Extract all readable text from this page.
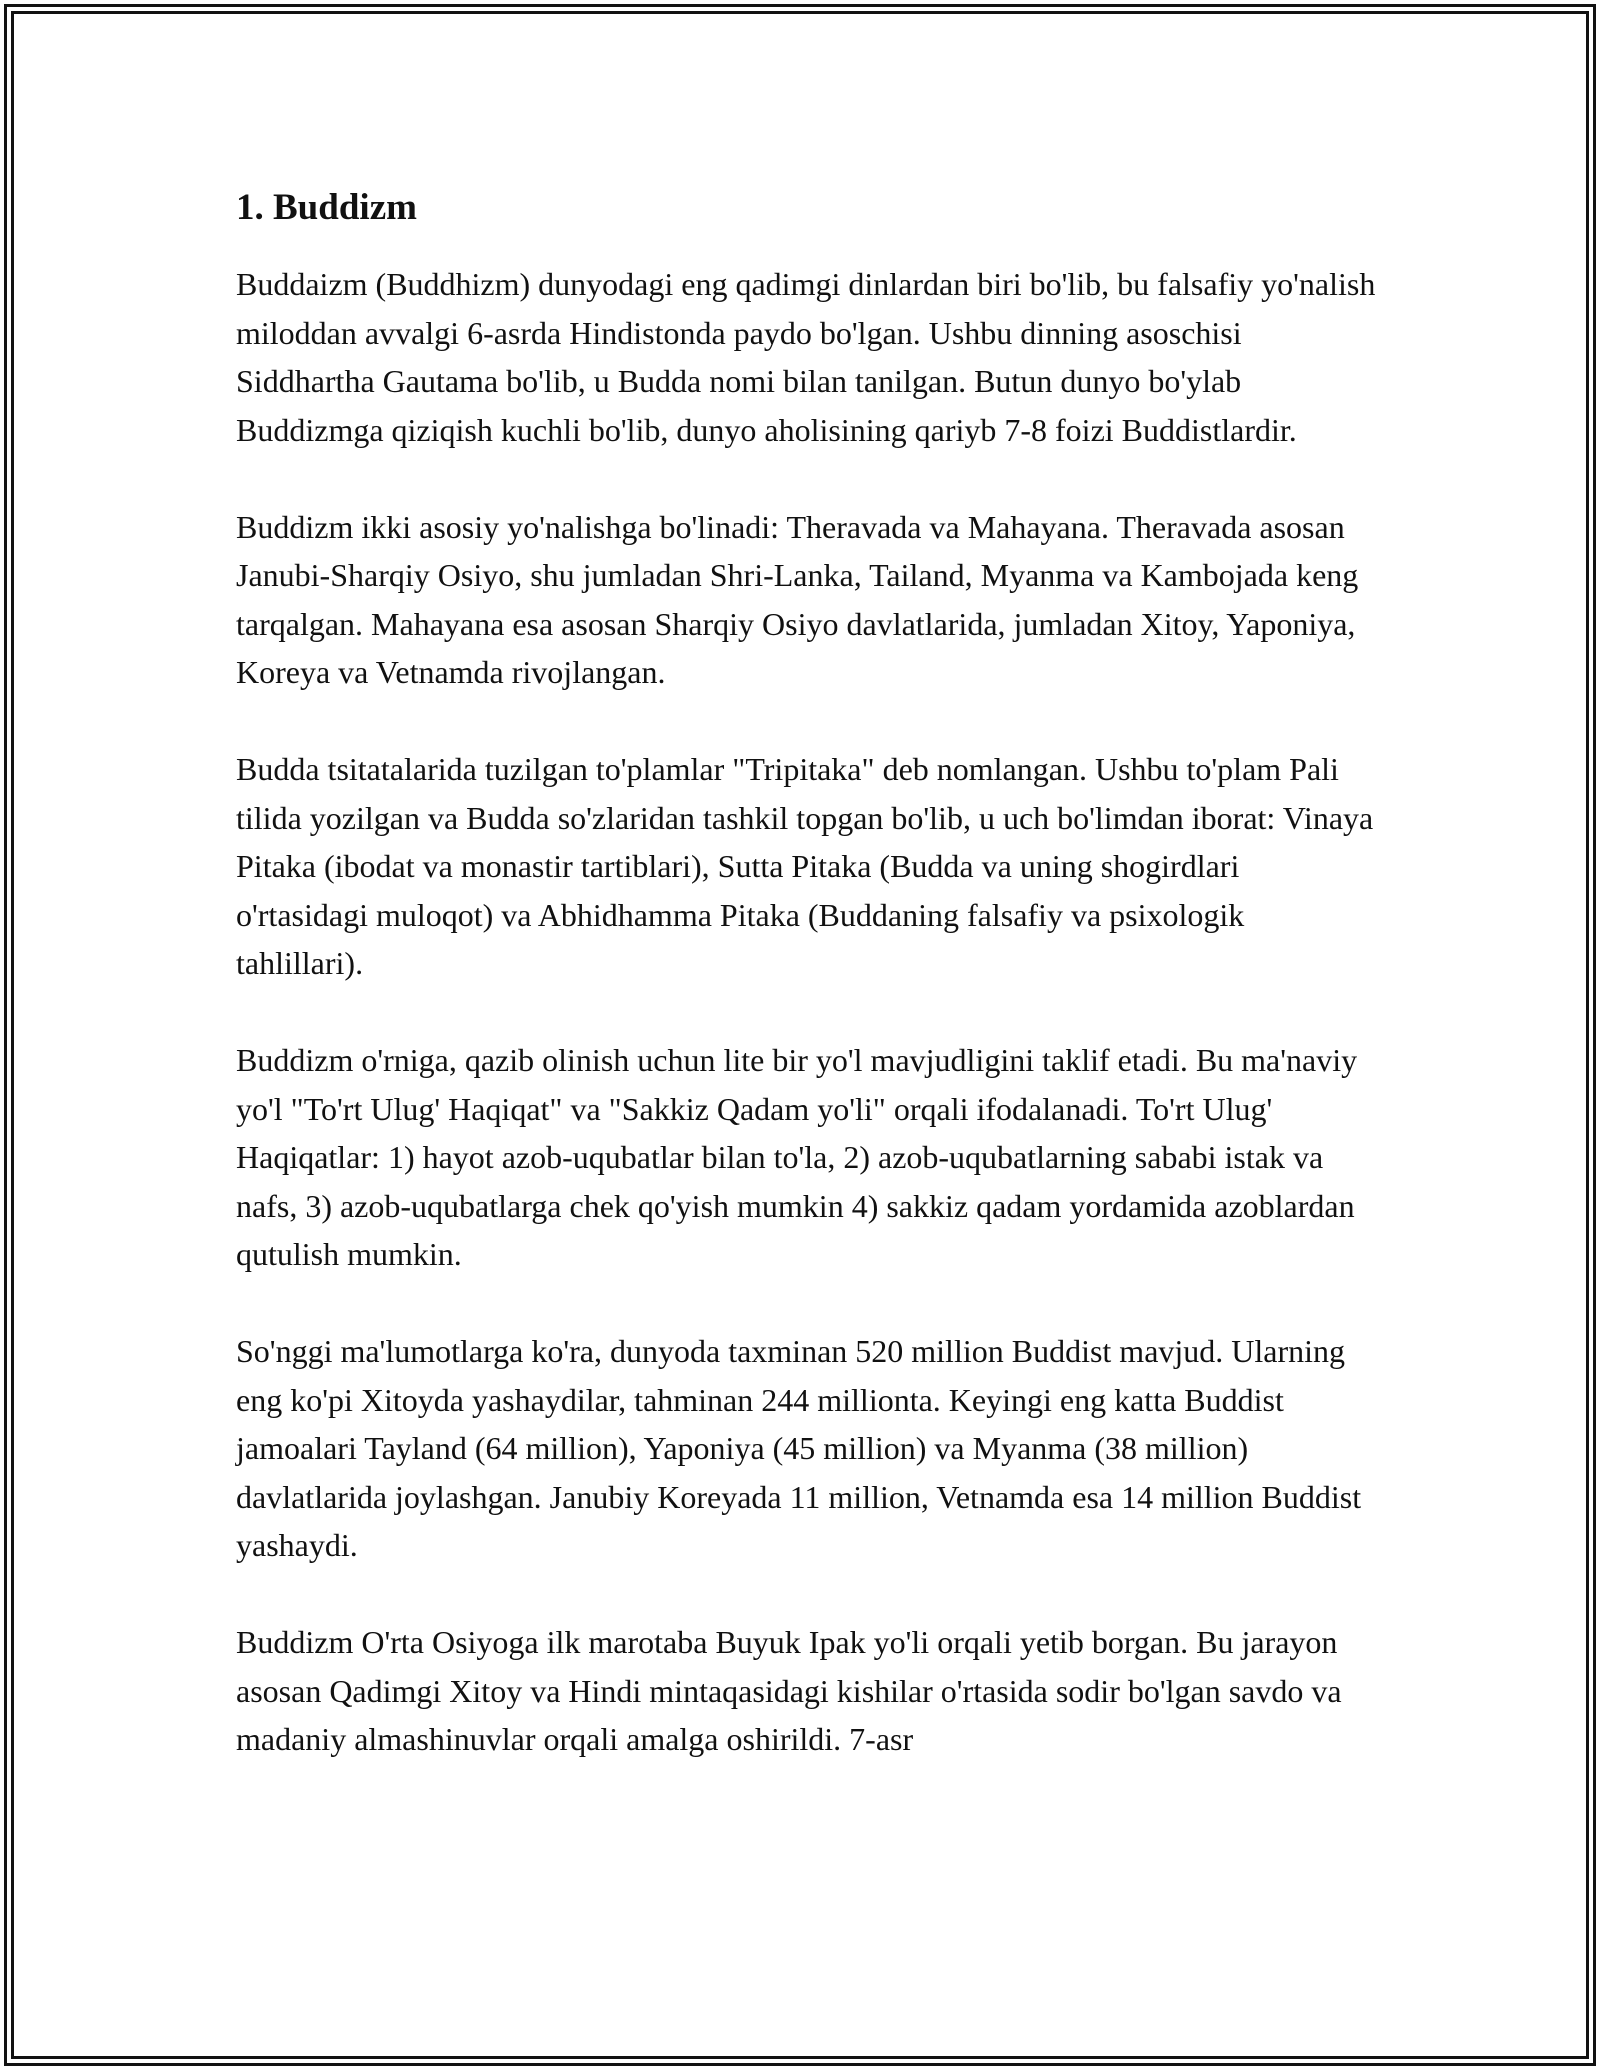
1. Buddizm

Buddaizm (Buddhizm) dunyodagi eng qadimgi dinlardan biri bo'lib, bu falsafiy yo'nalish miloddan avvalgi 6-asrda Hindistonda paydo bo'lgan. Ushbu dinning asoschisi Siddhartha Gautama bo'lib, u Budda nomi bilan tanilgan. Butun dunyo bo'ylab Buddizmga qiziqish kuchli bo'lib, dunyo aholisining qariyb 7-8 foizi Buddistlardir.

Buddizm ikki asosiy yo'nalishga bo'linadi: Theravada va Mahayana. Theravada asosan Janubi-Sharqiy Osiyo, shu jumladan Shri-Lanka, Tailand, Myanma va Kambojada keng tarqalgan. Mahayana esa asosan Sharqiy Osiyo davlatlarida, jumladan Xitoy, Yaponiya, Koreya va Vetnamda rivojlangan.

Budda tsitatalarida tuzilgan to'plamlar "Tripitaka" deb nomlangan. Ushbu to'plam Pali tilida yozilgan va Budda so'zlaridan tashkil topgan bo'lib, u uch bo'limdan iborat: Vinaya Pitaka (ibodat va monastir tartiblari), Sutta Pitaka (Budda va uning shogirdlari o'rtasidagi muloqot) va Abhidhamma Pitaka (Buddaning falsafiy va psixologik tahlillari).

Buddizm o'rniga, qazib olinish uchun lite bir yo'l mavjudligini taklif etadi. Bu ma'naviy yo'l "To'rt Ulug' Haqiqat" va "Sakkiz Qadam yo'li" orqali ifodalanadi. To'rt Ulug' Haqiqatlar: 1) hayot azob-uqubatlar bilan to'la, 2) azob-uqubatlarning sababi istak va nafs, 3) azob-uqubatlarga chek qo'yish mumkin 4) sakkiz qadam yordamida azoblardan qutulish mumkin.

So'nggi ma'lumotlarga ko'ra, dunyoda taxminan 520 million Buddist mavjud. Ularning eng ko'pi Xitoyda yashaydilar, tahminan 244 millionta. Keyingi eng katta Buddist jamoalari Tayland (64 million), Yaponiya (45 million) va Myanma (38 million) davlatlarida joylashgan. Janubiy Koreyada 11 million, Vetnamda esa 14 million Buddist yashaydi.

Buddizm O'rta Osiyoga ilk marotaba Buyuk Ipak yo'li orqali yetib borgan. Bu jarayon asosan Qadimgi Xitoy va Hindi mintaqasidagi kishilar o'rtasida sodir bo'lgan savdo va madaniy almashinuvlar orqali amalga oshirildi. 7-asr
